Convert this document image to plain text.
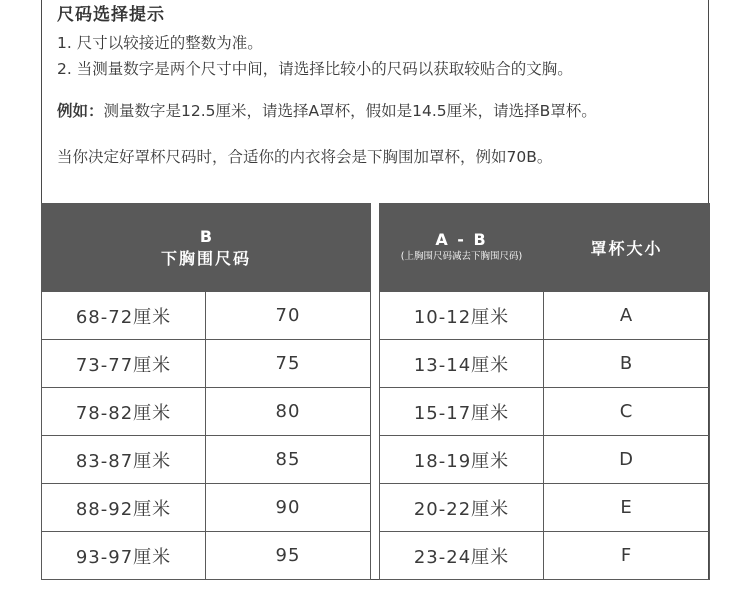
尺码选择提示
1. 尺寸以较接近的整数为准。
2. 当测量数字是两个尺寸中间，请选择比较小的尺码以获取较贴合的文胸。
例如：测量数字是12.5厘米，请选择A罩杯，假如是14.5厘米，请选择B罩杯。
当你决定好罩杯尺码时，合适你的内衣将会是下胸围加罩杯，例如70B。
B
下胸围尺码	

68-72厘米	70
73-77厘米	75
78-82厘米	80
83-87厘米	85
88-92厘米	90
93-97厘米	95
A - B
(上胸围尺码减去下胸围尺码)	罩杯大小

10-12厘米	A
13-14厘米	B
15-17厘米	C
18-19厘米	D
20-22厘米	E
23-24厘米	F
